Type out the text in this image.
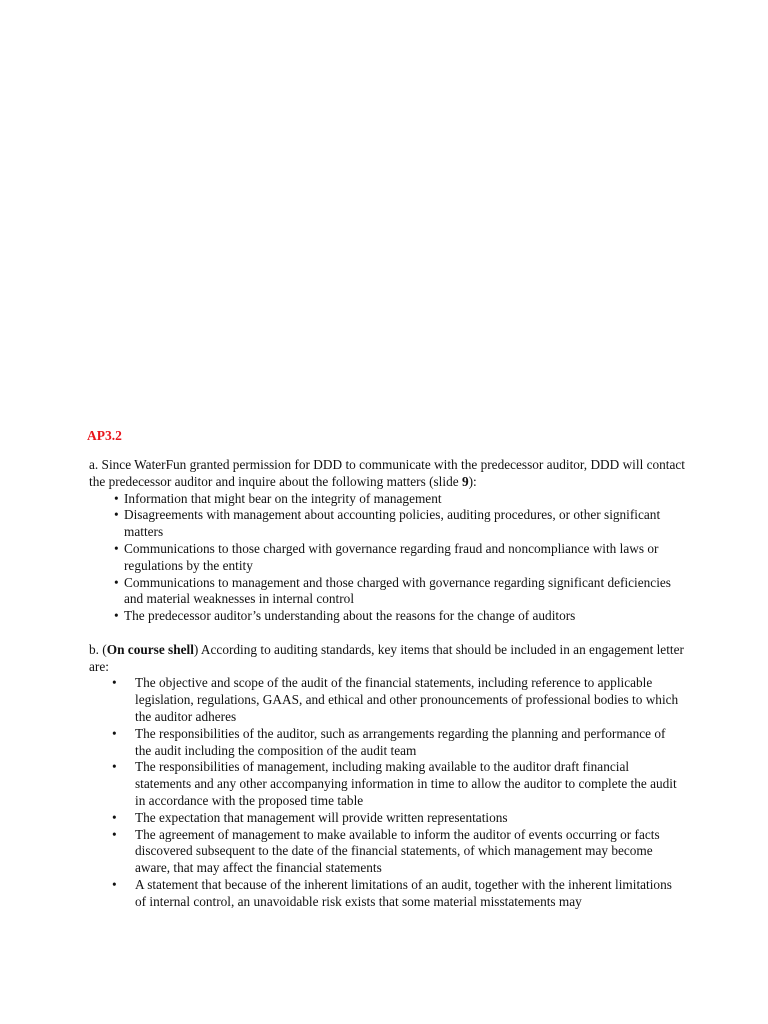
AP3.2

a. Since WaterFun granted permission for DDD to communicate with the predecessor auditor, DDD will contact the predecessor auditor and inquire about the following matters (slide 9):

• Information that might bear on the integrity of management
• Disagreements with management about accounting policies, auditing procedures, or other significant matters
• Communications to those charged with governance regarding fraud and noncompliance with laws or regulations by the entity
• Communications to management and those charged with governance regarding significant deficiencies and material weaknesses in internal control
• The predecessor auditor’s understanding about the reasons for the change of auditors

b. (On course shell) According to auditing standards, key items that should be included in an engagement letter are:

• The objective and scope of the audit of the financial statements, including reference to applicable legislation, regulations, GAAS, and ethical and other pronouncements of professional bodies to which the auditor adheres
• The responsibilities of the auditor, such as arrangements regarding the planning and performance of the audit including the composition of the audit team
• The responsibilities of management, including making available to the auditor draft financial statements and any other accompanying information in time to allow the auditor to complete the audit in accordance with the proposed time table
• The expectation that management will provide written representations
• The agreement of management to make available to inform the auditor of events occurring or facts discovered subsequent to the date of the financial statements, of which management may become aware, that may affect the financial statements
• A statement that because of the inherent limitations of an audit, together with the inherent limitations of internal control, an unavoidable risk exists that some material misstatements may
